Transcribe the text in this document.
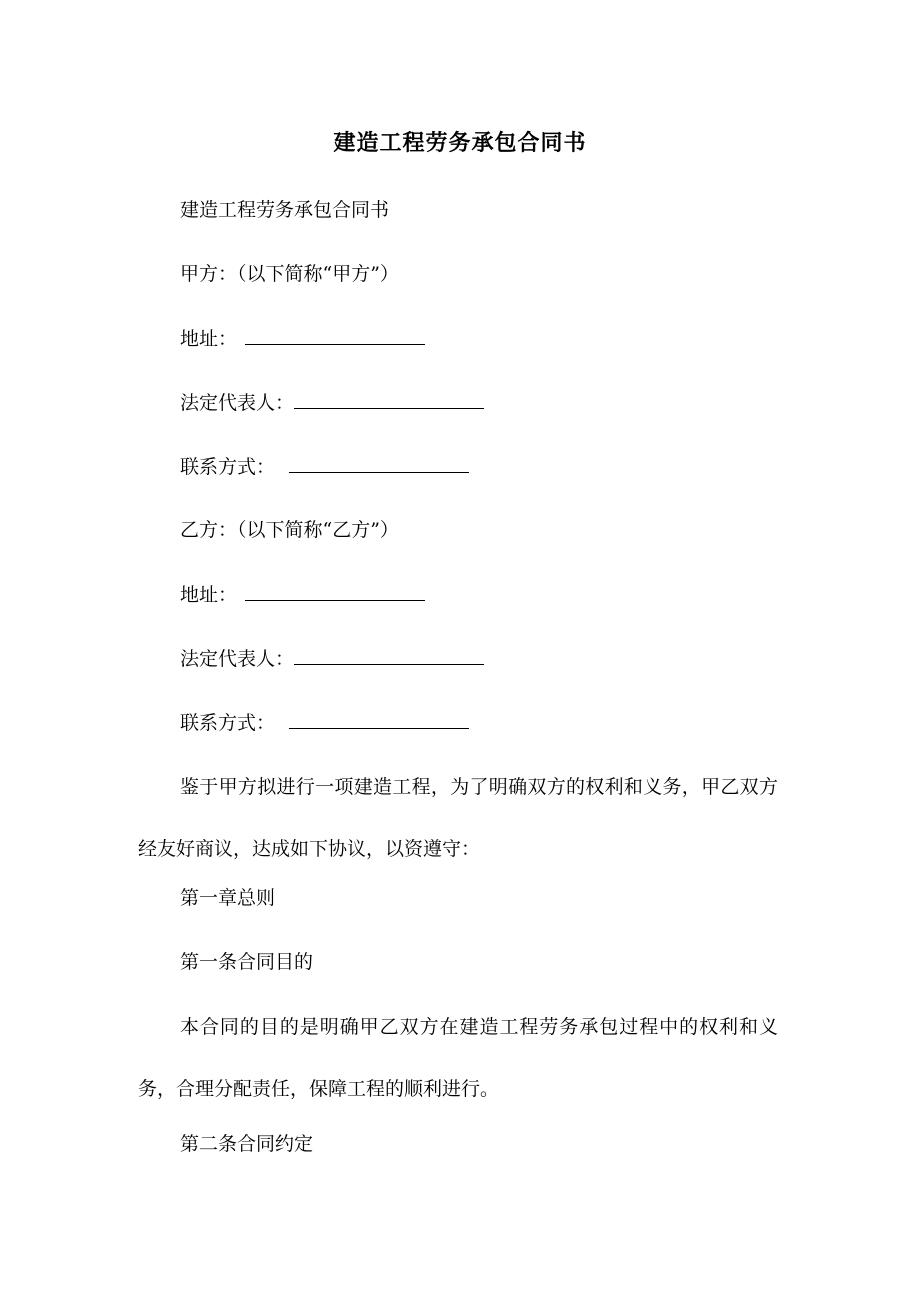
建造工程劳务承包合同书
建造工程劳务承包合同书
甲方：（以下简称“甲方”）
地址：
法定代表人：
联系方式：
乙方：（以下简称“乙方”）
地址：
法定代表人：
联系方式：
鉴于甲方拟进行一项建造工程，为了明确双方的权利和义务，甲乙双方经友好商议，达成如下协议，以资遵守：
第一章总则
第一条合同目的
本合同的目的是明确甲乙双方在建造工程劳务承包过程中的权利和义务，合理分配责任，保障工程的顺利进行。
第二条合同约定
